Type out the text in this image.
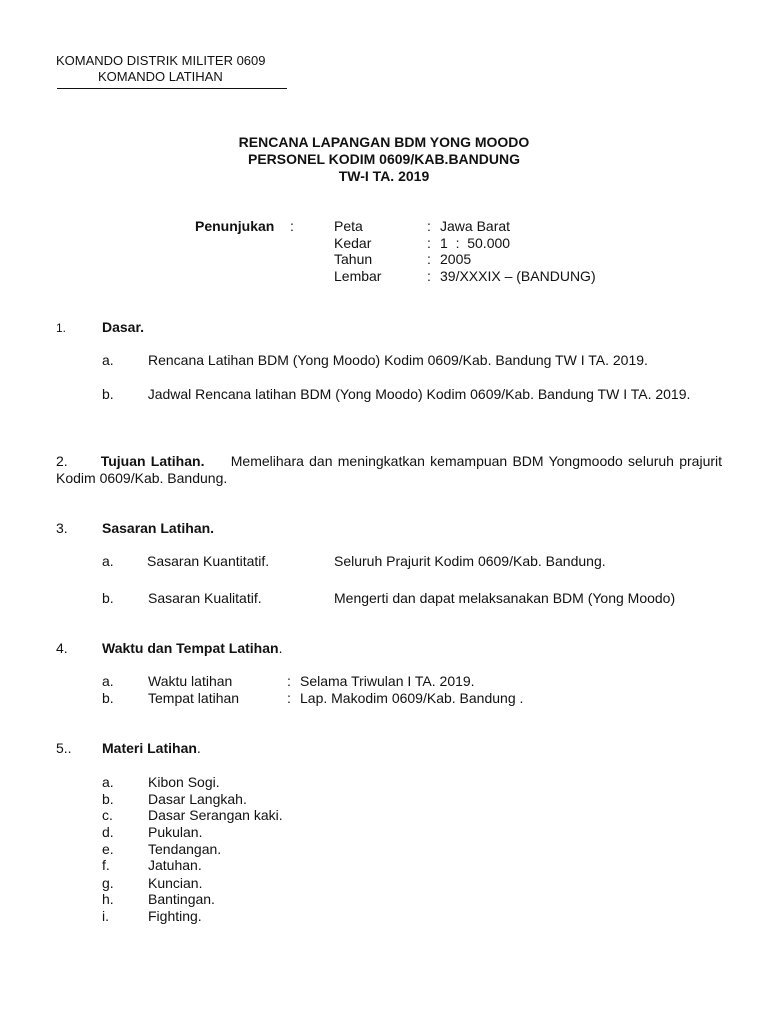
KOMANDO DISTRIK MILITER 0609
KOMANDO LATIHAN
RENCANA LAPANGAN BDM YONG MOODO
PERSONEL KODIM 0609/KAB.BANDUNG
TW-I TA. 2019
Penunjukan :	Peta	: Jawa Barat
Kedar	: 1  :  50.000
Tahun	: 2005
Lembar	: 39/XXXIX – (BANDUNG)
1.	Dasar.
a. Rencana Latihan BDM (Yong Moodo) Kodim 0609/Kab. Bandung TW I TA. 2019.
b. Jadwal Rencana latihan BDM (Yong Moodo) Kodim 0609/Kab. Bandung TW I TA. 2019.
2. Tujuan Latihan. Memelihara dan meningkatkan kemampuan BDM Yongmoodo seluruh prajurit Kodim 0609/Kab. Bandung.
3. Sasaran Latihan.
a. Sasaran Kuantitatif.	Seluruh Prajurit Kodim 0609/Kab. Bandung.
b. Sasaran Kualitatif.	Mengerti dan dapat melaksanakan BDM (Yong Moodo)
4. Waktu dan Tempat Latihan.
a. Waktu latihan	: Selama Triwulan I TA. 2019.
b. Tempat latihan	: Lap. Makodim 0609/Kab. Bandung .
5.. Materi Latihan.
a. Kibon Sogi.
b. Dasar Langkah.
c.	Dasar Serangan kaki.
d. Pukulan.
e. Tendangan.
f.	Jatuhan.
g. Kuncian.
h. Bantingan.
i.	Fighting.
